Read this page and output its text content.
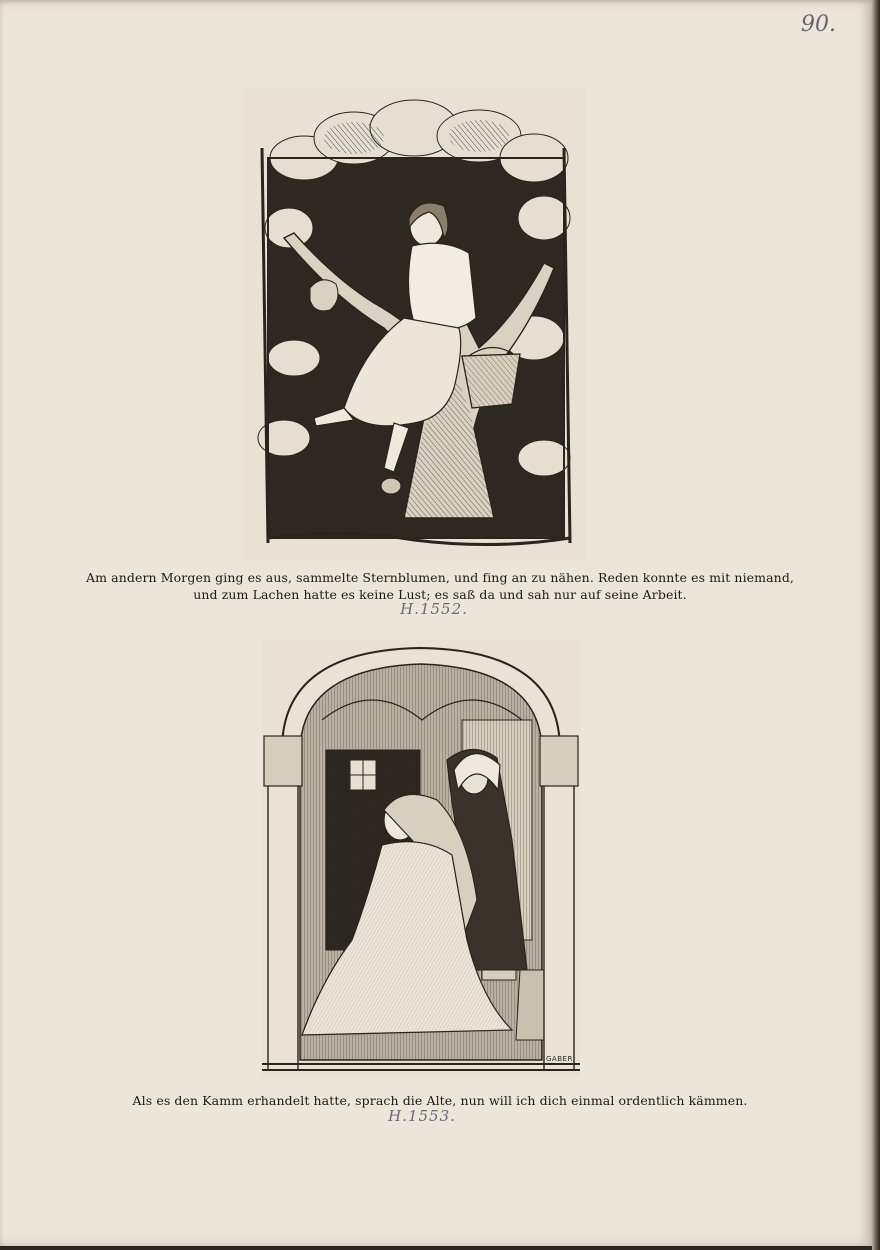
90.
GABER
Am andern Morgen ging es aus, sammelte Sternblumen, und fing an zu nähen. Reden konnte es mit niemand,
und zum Lachen hatte es keine Lust; es saß da und sah nur auf seine Arbeit.
H.1552.
GABER
Als es den Kamm erhandelt hatte, sprach die Alte, nun will ich dich einmal ordentlich kämmen.
H.1553.
